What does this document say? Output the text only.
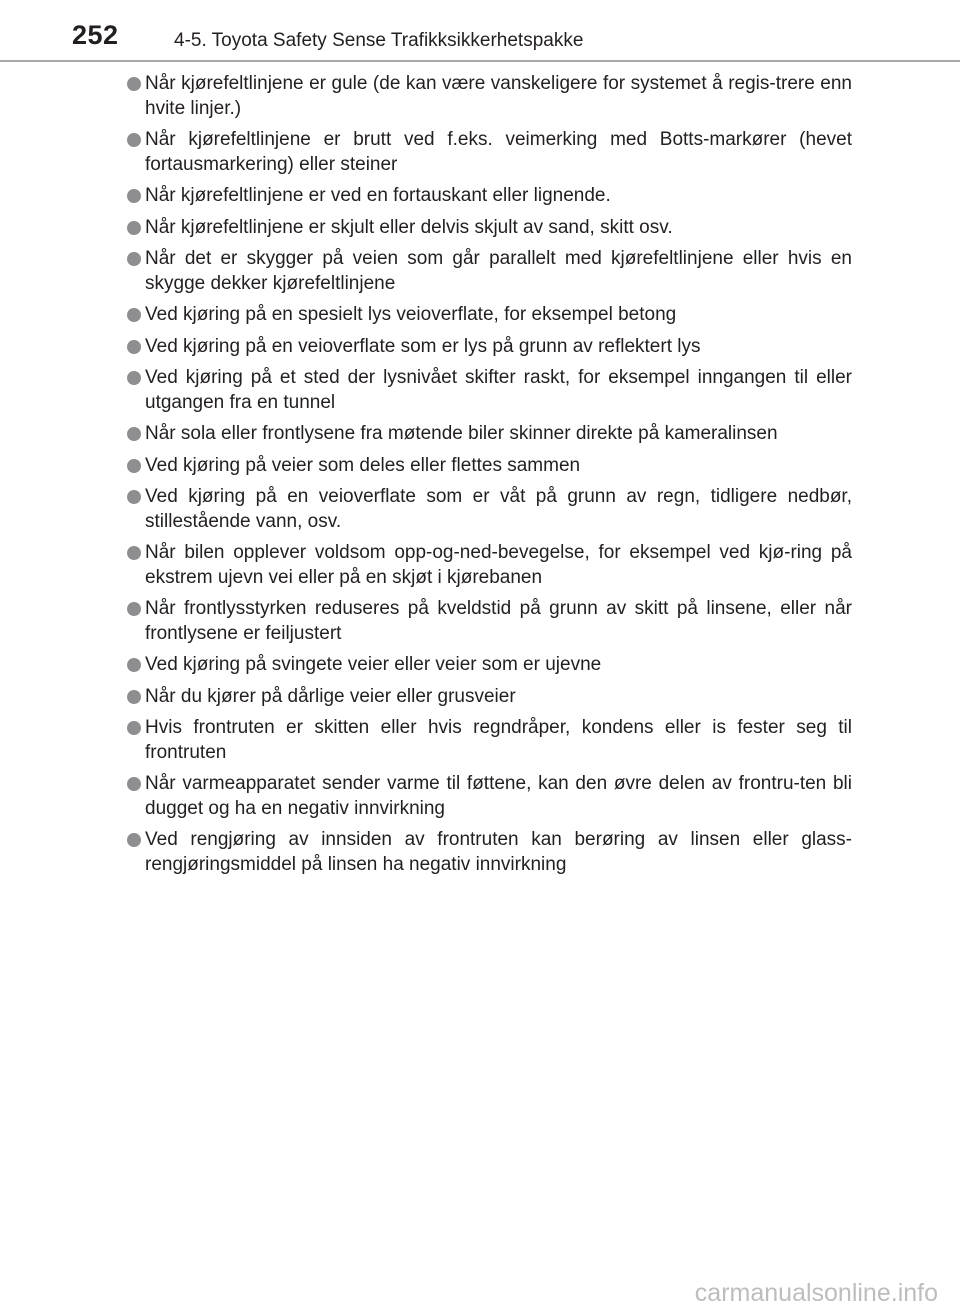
252	4-5. Toyota Safety Sense Trafikksikkerhetspakke
Når kjørefeltlinjene er gule (de kan være vanskeligere for systemet å regis-trere enn hvite linjer.)
Når kjørefeltlinjene er brutt ved f.eks. veimerking med Botts-markører (hevet fortausmarkering) eller steiner
Når kjørefeltlinjene er ved en fortauskant eller lignende.
Når kjørefeltlinjene er skjult eller delvis skjult av sand, skitt osv.
Når det er skygger på veien som går parallelt med kjørefeltlinjene eller hvis en skygge dekker kjørefeltlinjene
Ved kjøring på en spesielt lys veioverflate, for eksempel betong
Ved kjøring på en veioverflate som er lys på grunn av reflektert lys
Ved kjøring på et sted der lysnivået skifter raskt, for eksempel inngangen til eller utgangen fra en tunnel
Når sola eller frontlysene fra møtende biler skinner direkte på kameralinsen
Ved kjøring på veier som deles eller flettes sammen
Ved kjøring på en veioverflate som er våt på grunn av regn, tidligere nedbør, stillestående vann, osv.
Når bilen opplever voldsom opp-og-ned-bevegelse, for eksempel ved kjø-ring på ekstrem ujevn vei eller på en skjøt i kjørebanen
Når frontlysstyrken reduseres på kveldstid på grunn av skitt på linsene, eller når frontlysene er feiljustert
Ved kjøring på svingete veier eller veier som er ujevne
Når du kjører på dårlige veier eller grusveier
Hvis frontruten er skitten eller hvis regndråper, kondens eller is fester seg til frontruten
Når varmeapparatet sender varme til føttene, kan den øvre delen av frontru-ten bli dugget og ha en negativ innvirkning
Ved rengjøring av innsiden av frontruten kan berøring av linsen eller glass-rengjøringsmiddel på linsen ha negativ innvirkning
carmanualsonline.info
